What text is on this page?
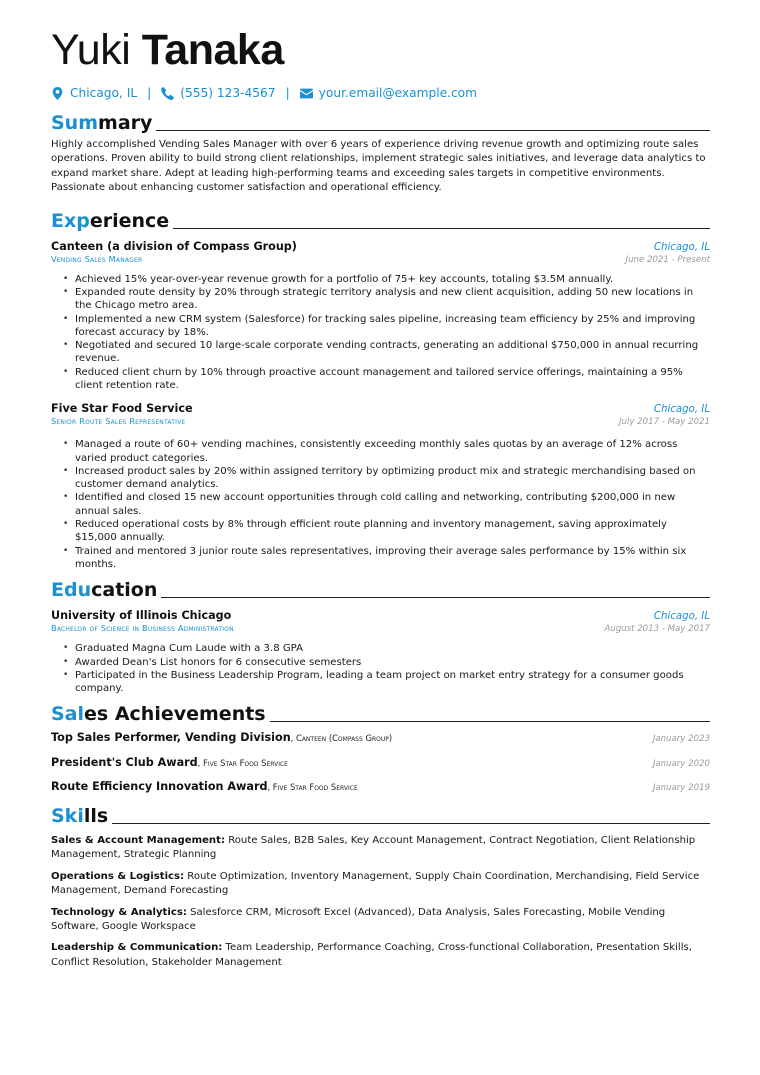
Yuki Tanaka
Chicago, IL | (555) 123-4567 | your.email@example.com
Summary

Highly accomplished Vending Sales Manager with over 6 years of experience driving revenue growth and optimizing route sales operations. Proven ability to build strong client relationships, implement strategic sales initiatives, and leverage data analytics to expand market share. Adept at leading high-performing teams and exceeding sales targets in competitive environments. Passionate about enhancing customer satisfaction and operational efficiency.

Experience
Canteen (a division of Compass Group)	Chicago, IL
Vending Sales Manager	June 2021 - Present
• Achieved 15% year-over-year revenue growth for a portfolio of 75+ key accounts, totaling $3.5M annually.
• Expanded route density by 20% through strategic territory analysis and new client acquisition, adding 50 new locations in the Chicago metro area.
• Implemented a new CRM system (Salesforce) for tracking sales pipeline, increasing team efficiency by 25% and improving forecast accuracy by 18%.
• Negotiated and secured 10 large-scale corporate vending contracts, generating an additional $750,000 in annual recurring revenue.
• Reduced client churn by 10% through proactive account management and tailored service offerings, maintaining a 95% client retention rate.
Five Star Food Service	Chicago, IL
Senior Route Sales Representative	July 2017 - May 2021
• Managed a route of 60+ vending machines, consistently exceeding monthly sales quotas by an average of 12% across varied product categories.
• Increased product sales by 20% within assigned territory by optimizing product mix and strategic merchandising based on customer demand analytics.
• Identified and closed 15 new account opportunities through cold calling and networking, contributing $200,000 in new annual sales.
• Reduced operational costs by 8% through efficient route planning and inventory management, saving approximately $15,000 annually.
• Trained and mentored 3 junior route sales representatives, improving their average sales performance by 15% within six months.
Education
University of Illinois Chicago	Chicago, IL
Bachelor of Science in Business Administration	August 2013 - May 2017
• Graduated Magna Cum Laude with a 3.8 GPA
• Awarded Dean's List honors for 6 consecutive semesters
• Participated in the Business Leadership Program, leading a team project on market entry strategy for a consumer goods company.
Sales Achievements
Top Sales Performer, Vending Division, Canteen (Compass Group)	January 2023
President's Club Award, Five Star Food Service	January 2020
Route Efficiency Innovation Award, Five Star Food Service	January 2019
Skills

Sales & Account Management: Route Sales, B2B Sales, Key Account Management, Contract Negotiation, Client Relationship Management, Strategic Planning

Operations & Logistics: Route Optimization, Inventory Management, Supply Chain Coordination, Merchandising, Field Service Management, Demand Forecasting

Technology & Analytics: Salesforce CRM, Microsoft Excel (Advanced), Data Analysis, Sales Forecasting, Mobile Vending Software, Google Workspace

Leadership & Communication: Team Leadership, Performance Coaching, Cross-functional Collaboration, Presentation Skills, Conflict Resolution, Stakeholder Management
